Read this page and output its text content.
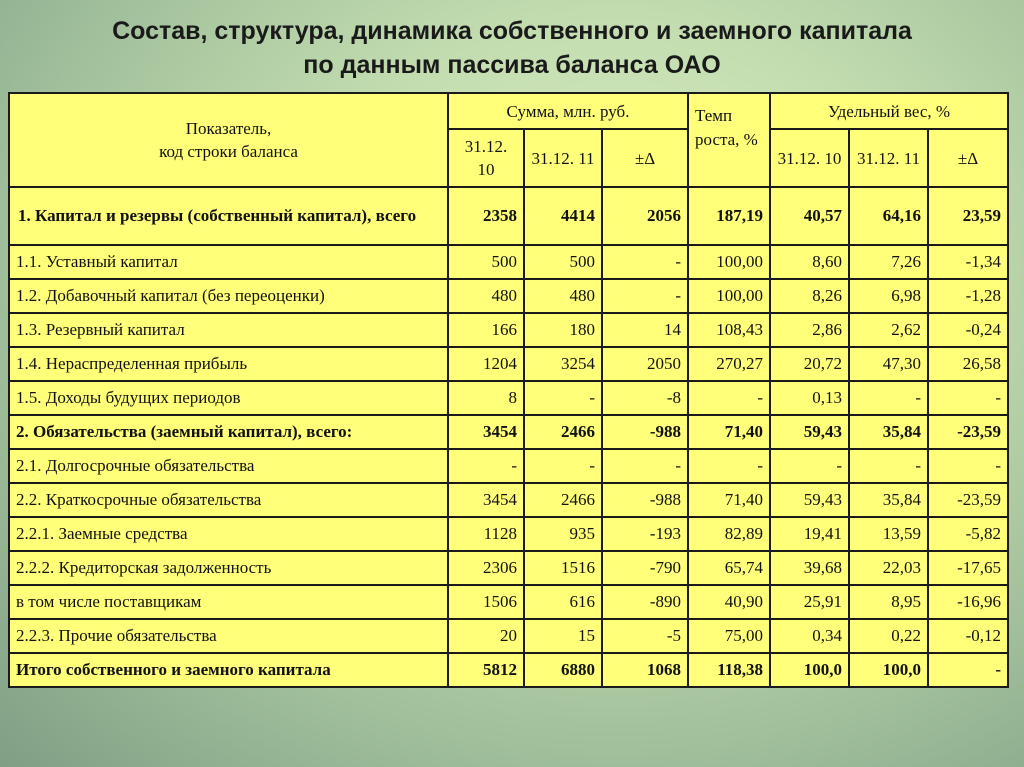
Состав, структура, динамика собственного и заемного капитала
по данным пассива баланса ОАО
Показатель,
код строки баланса	Сумма, млн. руб.			Темп роста, %	Удельный вес, %		
	31.12. 10	31.12. 11	±Δ		31.12. 10	31.12. 11	±Δ
1. Капитал и резервы (собственный капитал), всего	2358	4414	2056	187,19	40,57	64,16	23,59
1.1. Уставный капитал	500	500	-	100,00	8,60	7,26	-1,34
1.2. Добавочный капитал (без переоценки)	480	480	-	100,00	8,26	6,98	-1,28
1.3. Резервный капитал	166	180	14	108,43	2,86	2,62	-0,24
1.4. Нераспределенная прибыль	1204	3254	2050	270,27	20,72	47,30	26,58
1.5. Доходы будущих периодов	8	-	-8	-	0,13	-	-
2. Обязательства (заемный капитал), всего:	3454	2466	-988	71,40	59,43	35,84	-23,59
2.1. Долгосрочные обязательства	-	-	-	-	-	-	-
2.2. Краткосрочные обязательства	3454	2466	-988	71,40	59,43	35,84	-23,59
2.2.1. Заемные средства	1128	935	-193	82,89	19,41	13,59	-5,82
2.2.2. Кредиторская задолженность	2306	1516	-790	65,74	39,68	22,03	-17,65
в том числе поставщикам	1506	616	-890	40,90	25,91	8,95	-16,96
2.2.3. Прочие обязательства	20	15	-5	75,00	0,34	0,22	-0,12
Итого собственного и заемного капитала	5812	6880	1068	118,38	100,0	100,0	-
